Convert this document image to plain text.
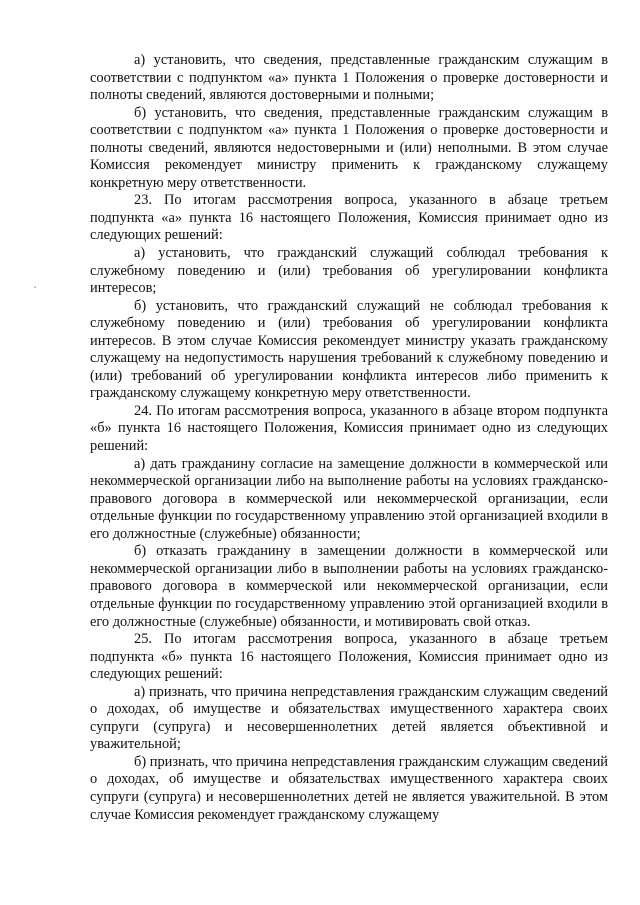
а) установить, что сведения, представленные гражданским служащим в соответствии с подпунктом «а» пункта 1 Положения о проверке достоверности и полноты сведений, являются достоверными и полными;

б) установить, что сведения, представленные гражданским служащим в соответствии с подпунктом «а» пункта 1 Положения о проверке достоверности и полноты сведений, являются недостоверными и (или) неполными. В этом случае Комиссия рекомендует министру применить к гражданскому служащему конкретную меру ответственности.

23. По итогам рассмотрения вопроса, указанного в абзаце третьем подпункта «а» пункта 16 настоящего Положения, Комиссия принимает одно из следующих решений:

а) установить, что гражданский служащий соблюдал требования к служебному поведению и (или) требования об урегулировании конфликта интересов;

б) установить, что гражданский служащий не соблюдал требования к служебному поведению и (или) требования об урегулировании конфликта интересов. В этом случае Комиссия рекомендует министру указать гражданскому служащему на недопустимость нарушения требований к служебному поведению и (или) требований об урегулировании конфликта интересов либо применить к гражданскому служащему конкретную меру ответственности.

24. По итогам рассмотрения вопроса, указанного в абзаце втором подпункта «б» пункта 16 настоящего Положения, Комиссия принимает одно из следующих решений:

а) дать гражданину согласие на замещение должности в коммерческой или некоммерческой организации либо на выполнение работы на условиях гражданско-правового договора в коммерческой или некоммерческой организации, если отдельные функции по государственному управлению этой организацией входили в его должностные (служебные) обязанности;

б) отказать гражданину в замещении должности в коммерческой или некоммерческой организации либо в выполнении работы на условиях гражданско-правового договора в коммерческой или некоммерческой организации, если отдельные функции по государственному управлению этой организацией входили в его должностные (служебные) обязанности, и мотивировать свой отказ.

25. По итогам рассмотрения вопроса, указанного в абзаце третьем подпункта «б» пункта 16 настоящего Положения, Комиссия принимает одно из следующих решений:

а) признать, что причина непредставления гражданским служащим сведений о доходах, об имуществе и обязательствах имущественного характера своих супруги (супруга) и несовершеннолетних детей является объективной и уважительной;

б) признать, что причина непредставления гражданским служащим сведений о доходах, об имуществе и обязательствах имущественного характера своих супруги (супруга) и несовершеннолетних детей не является уважительной. В этом случае Комиссия рекомендует гражданскому служащему
